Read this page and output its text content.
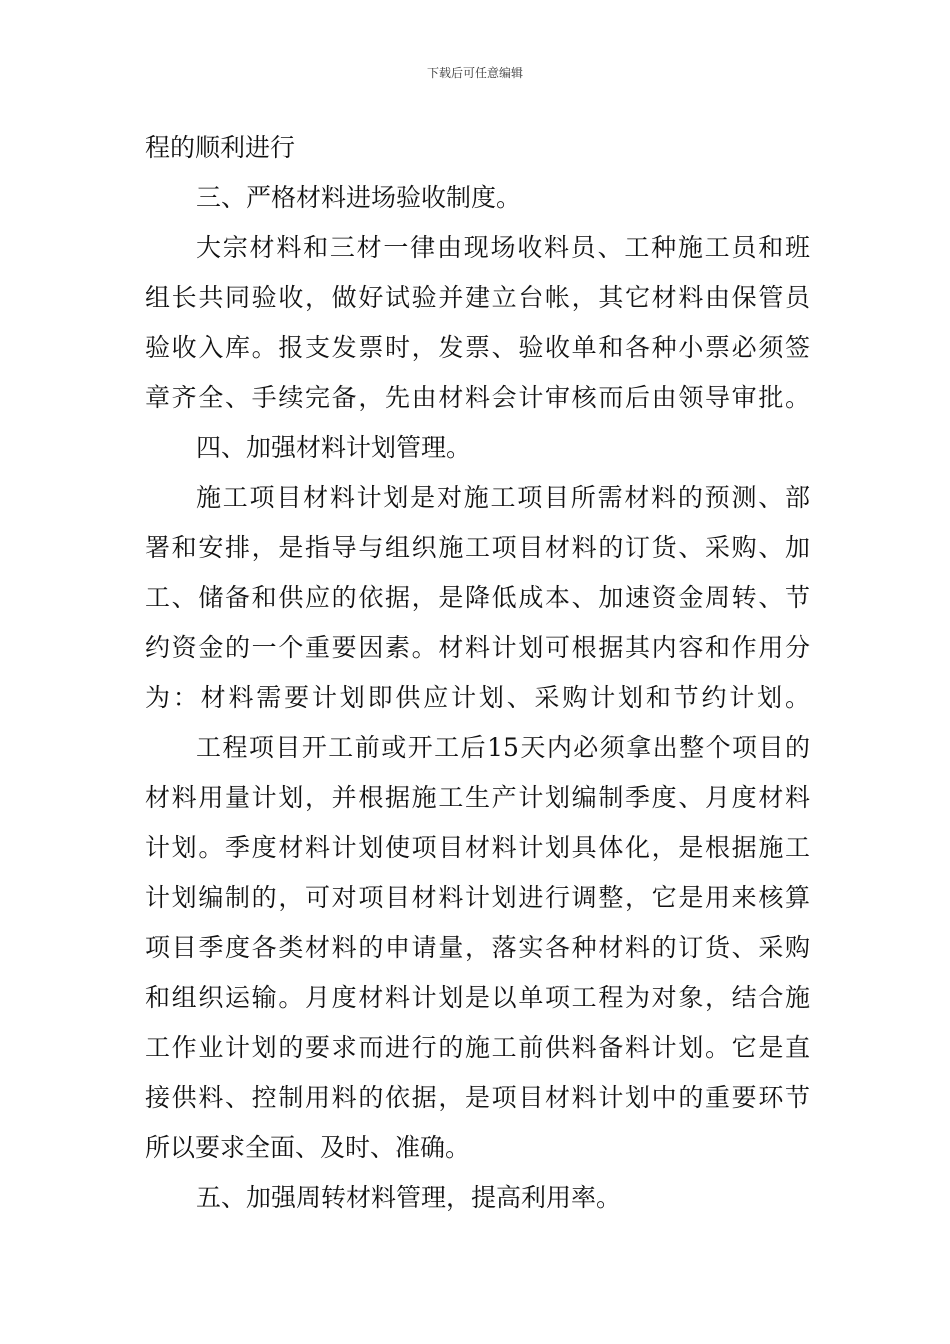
下载后可任意编辑
程的顺利进行
三、严格材料进场验收制度。
大宗材料和三材一律由现场收料员、工种施工员和班
组长共同验收，做好试验并建立台帐，其它材料由保管员
验收入库。报支发票时，发票、验收单和各种小票必须签
章齐全、手续完备，先由材料会计审核而后由领导审批。
四、加强材料计划管理。
施工项目材料计划是对施工项目所需材料的预测、部
署和安排，是指导与组织施工项目材料的订货、采购、加
工、储备和供应的依据，是降低成本、加速资金周转、节
约资金的一个重要因素。材料计划可根据其内容和作用分
为：材料需要计划即供应计划、采购计划和节约计划。
工程项目开工前或开工后15天内必须拿出整个项目的
材料用量计划，并根据施工生产计划编制季度、月度材料
计划。季度材料计划使项目材料计划具体化，是根据施工
计划编制的，可对项目材料计划进行调整，它是用来核算
项目季度各类材料的申请量，落实各种材料的订货、采购
和组织运输。月度材料计划是以单项工程为对象，结合施
工作业计划的要求而进行的施工前供料备料计划。它是直
接供料、控制用料的依据，是项目材料计划中的重要环节
所以要求全面、及时、准确。
五、加强周转材料管理，提高利用率。
